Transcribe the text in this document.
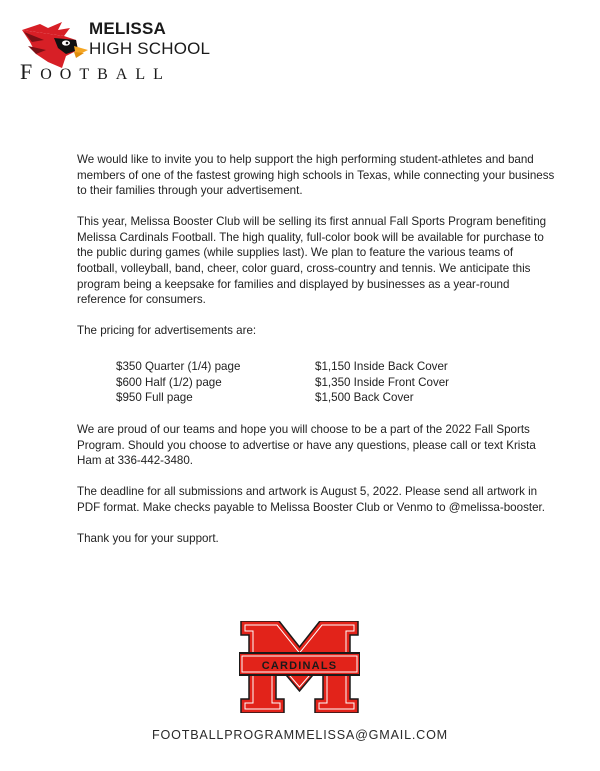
MELISSA
HIGH SCHOOL
FOOTBALL

We would like to invite you to help support the high performing student-athletes and band members of one of the fastest growing high schools in Texas, while connecting your business to their families through your advertisement.

This year, Melissa Booster Club will be selling its first annual Fall Sports Program benefiting Melissa Cardinals Football. The high quality, full-color book will be available for purchase to the public during games (while supplies last). We plan to feature the various teams of football, volleyball, band, cheer, color guard, cross-country and tennis. We anticipate this program being a keepsake for families and displayed by businesses as a year-round reference for consumers.

The pricing for advertisements are:

$350 Quarter (1/4) page	$1,150 Inside Back Cover
$600 Half (1/2) page	$1,350 Inside Front Cover
$950 Full page	$1,500 Back Cover

We are proud of our teams and hope you will choose to be a part of the 2022 Fall Sports Program. Should you choose to advertise or have any questions, please call or text Krista Ham at 336-442-3480.

The deadline for all submissions and artwork is August 5, 2022. Please send all artwork in PDF format. Make checks payable to Melissa Booster Club or Venmo to @melissa-booster.

Thank you for your support.

CARDINALS
FOOTBALLPROGRAMMELISSA@GMAIL.COM
